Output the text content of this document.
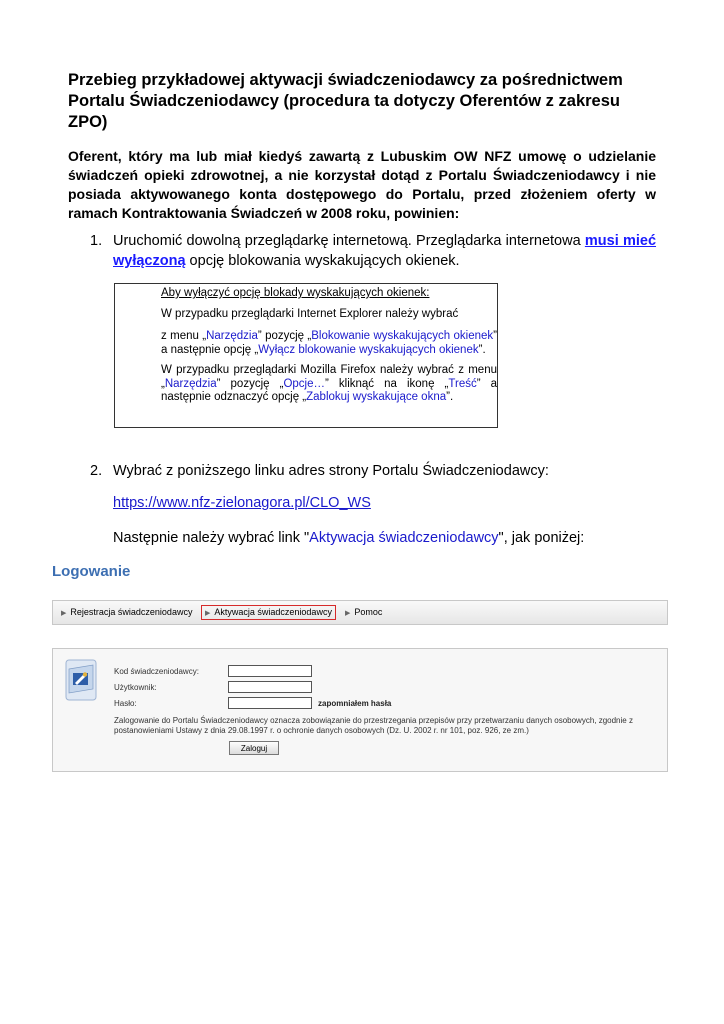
Przebieg przykładowej aktywacji świadczeniodawcy za pośrednictwem Portalu Świadczeniodawcy (procedura ta dotyczy Oferentów z zakresu ZPO)

Oferent, który ma lub miał kiedyś zawartą z Lubuskim OW NFZ umowę o udzielanie świadczeń opieki zdrowotnej, a nie korzystał dotąd z Portalu Świadczeniodawcy i nie posiada aktywowanego konta dostępowego do Portalu, przed złożeniem oferty w ramach Kontraktowania Świadczeń w 2008 roku, powinien:

1. Uruchomić dowolną przeglądarkę internetową. Przeglądarka internetowa musi mieć wyłączoną opcję blokowania wyskakujących okienek.

Aby wyłączyć opcję blokady wyskakujących okienek:

W przypadku przeglądarki Internet Explorer należy wybrać

z menu „Narzędzia” pozycję „Blokowanie wyskakujących okienek” a następnie opcję „Wyłącz blokowanie wyskakujących okienek”.

W przypadku przeglądarki Mozilla Firefox należy wybrać z menu „Narzędzia” pozycję „Opcje…” kliknąć na ikonę „Treść” a następnie odznaczyć opcję „Zablokuj wyskakujące okna”.

2. Wybrać z poniższego linku adres strony Portalu Świadczeniodawcy:
https://www.nfz-zielonagora.pl/CLO_WS
Następnie należy wybrać link "Aktywacja świadczeniodawcy", jak poniżej:
Logowanie
▶ Rejestracja świadczeniodawcy	▶ Aktywacja świadczeniodawcy	▶ Pomoc
Kod świadczeniodawcy:
Użytkownik:
Hasło:	zapomniałem hasła
Zalogowanie do Portalu Świadczeniodawcy oznacza zobowiązanie do przestrzegania przepisów przy przetwarzaniu danych osobowych, zgodnie z postanowieniami Ustawy z dnia 29.08.1997 r. o ochronie danych osobowych (Dz. U. 2002 r. nr 101, poz. 926, ze zm.)
Zaloguj
